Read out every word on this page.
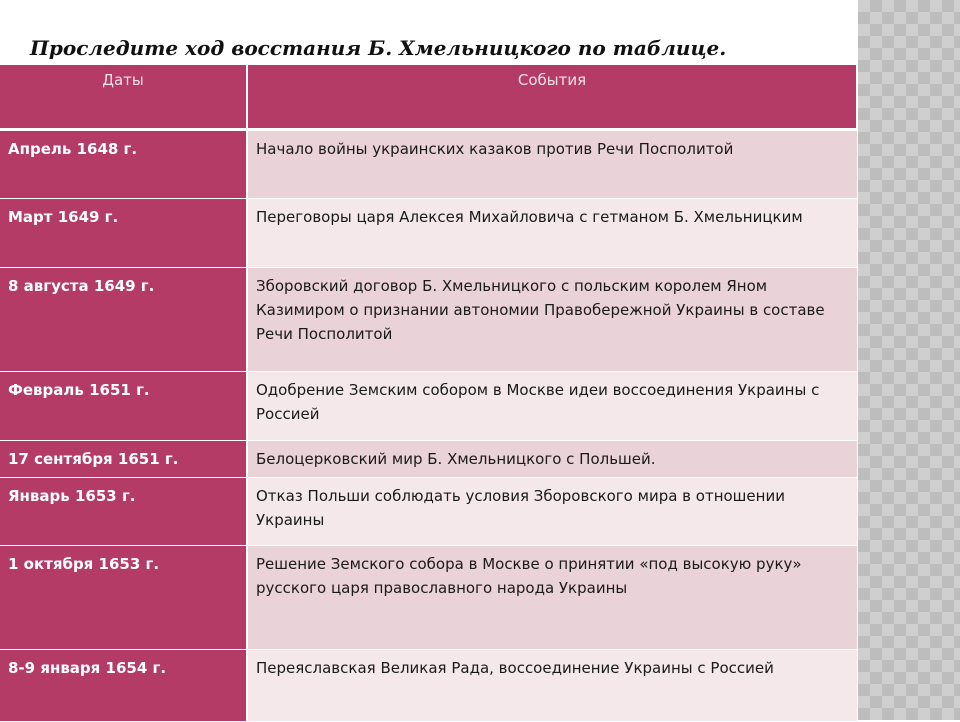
Проследите ход восстания Б. Хмельницкого по таблице.
Даты	События
Апрель 1648 г.	Начало войны украинских казаков против Речи Посполитой
Март 1649 г.	Переговоры царя Алексея Михайловича с гетманом Б. Хмельницким
8 августа 1649 г.	Зборовский договор Б. Хмельницкого с польским королем Яном Казимиром о признании автономии Правобережной Украины в составе Речи Посполитой
Февраль 1651 г.	Одобрение Земским собором в Москве идеи воссоединения Украины с Россией
17 сентября 1651 г.	Белоцерковский мир Б. Хмельницкого с Польшей.
Январь 1653 г.	Отказ Польши соблюдать условия Зборовского мира в отношении Украины
1 октября 1653 г.	Решение Земского собора в Москве о принятии «под высокую руку» русского царя православного народа Украины
8-9 января 1654 г.	Переяславская Великая Рада, воссоединение Украины с Россией
